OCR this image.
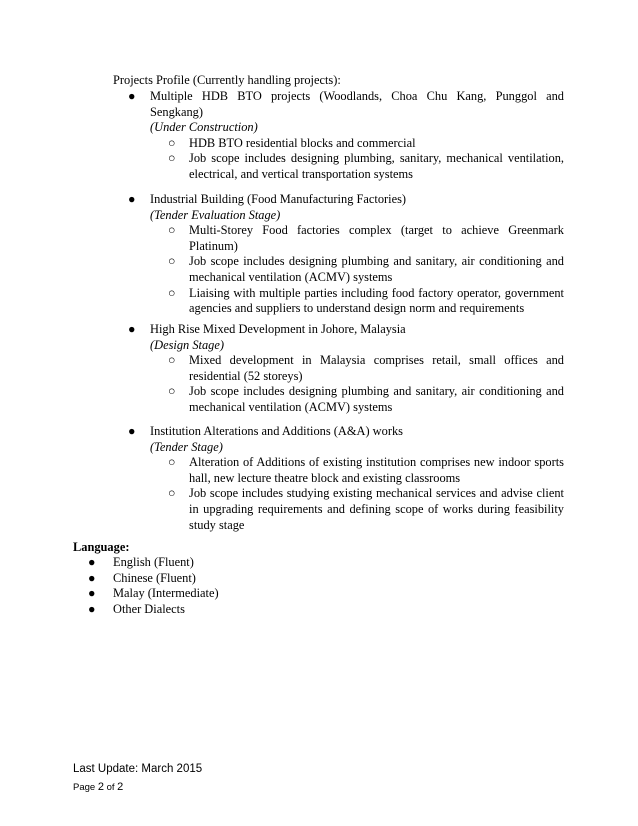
Projects Profile (Currently handling projects):
●	Multiple HDB BTO projects (Woodlands, Choa Chu Kang, Punggol and Sengkang)
(Under Construction)
○ HDB BTO residential blocks and commercial
○ Job scope includes designing plumbing, sanitary, mechanical ventilation, electrical, and vertical transportation systems
●	Industrial Building (Food Manufacturing Factories)
(Tender Evaluation Stage)
○ Multi-Storey Food factories complex (target to achieve Greenmark Platinum)
○ Job scope includes designing plumbing and sanitary, air conditioning and mechanical ventilation (ACMV) systems
○ Liaising with multiple parties including food factory operator, government agencies and suppliers to understand design norm and requirements
●	High Rise Mixed Development in Johore, Malaysia
(Design Stage)
○ Mixed development in Malaysia comprises retail, small offices and residential (52 storeys)
○ Job scope includes designing plumbing and sanitary, air conditioning and mechanical ventilation (ACMV) systems
●	Institution Alterations and Additions (A&A) works
(Tender Stage)
○ Alteration of Additions of existing institution comprises new indoor sports hall, new lecture theatre block and existing classrooms
○ Job scope includes studying existing mechanical services and advise client in upgrading requirements and defining scope of works during feasibility study stage
Language:
● English (Fluent)
● Chinese (Fluent)
● Malay (Intermediate)
● Other Dialects
Last Update: March 2015
Page 2 of 2
